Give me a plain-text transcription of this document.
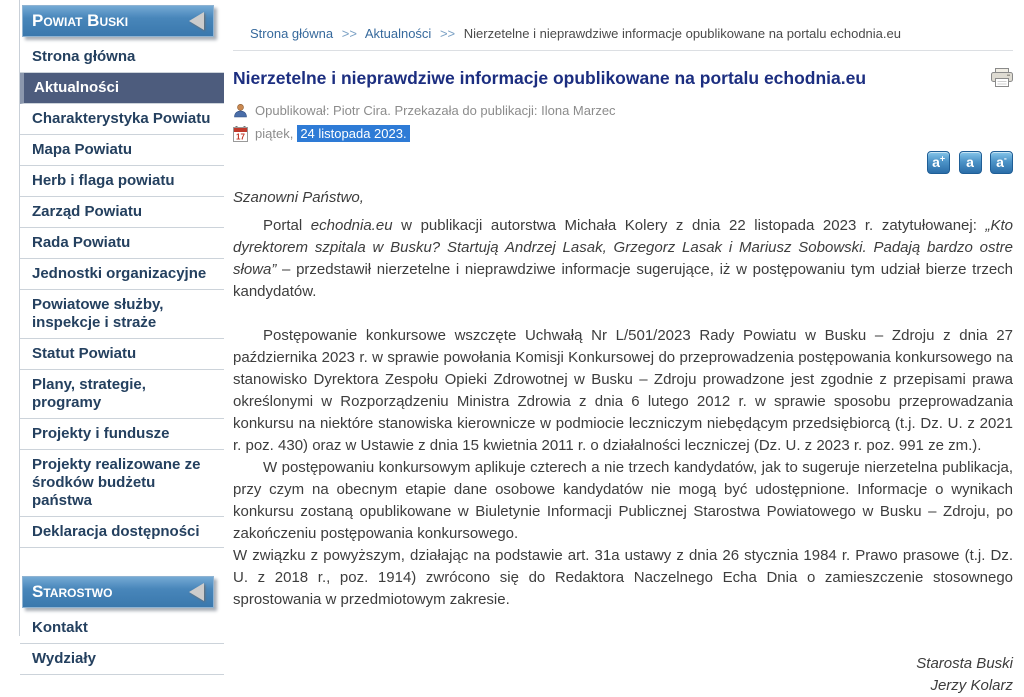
Powiat Buski
Strona główna
Aktualności
Charakterystyka Powiatu
Mapa Powiatu
Herb i flaga powiatu
Zarząd Powiatu
Rada Powiatu
Jednostki organizacyjne
Powiatowe służby, inspekcje i straże
Statut Powiatu
Plany, strategie, programy
Projekty i fundusze
Projekty realizowane ze środków budżetu państwa
Deklaracja dostępności
Starostwo
Kontakt
Wydziały
Strona główna >> Aktualności >> Nierzetelne i nieprawdziwe informacje opublikowane na portalu echodnia.eu
Nierzetelne i nieprawdziwe informacje opublikowane na portalu echodnia.eu
Opublikował: Piotr Cira. Przekazała do publikacji: Ilona Marzec
17 piątek, 24 listopada 2023.
a+ a a-

Szanowni Państwo,

Portal echodnia.eu w publikacji autorstwa Michała Kolery z dnia 22 listopada 2023 r. zatytułowanej: „Kto dyrektorem szpitala w Busku? Startują Andrzej Lasak, Grzegorz Lasak i Mariusz Sobowski. Padają bardzo ostre słowa” – przedstawił nierzetelne i nieprawdziwe informacje sugerujące, iż w postępowaniu tym udział bierze trzech kandydatów.

Postępowanie konkursowe wszczęte Uchwałą Nr L/501/2023 Rady Powiatu w Busku – Zdroju z dnia 27 października 2023 r. w sprawie powołania Komisji Konkursowej do przeprowadzenia postępowania konkursowego na stanowisko Dyrektora Zespołu Opieki Zdrowotnej w Busku – Zdroju prowadzone jest zgodnie z przepisami prawa określonymi w Rozporządzeniu Ministra Zdrowia z dnia 6 lutego 2012 r. w sprawie sposobu przeprowadzania konkursu na niektóre stanowiska kierownicze w podmiocie leczniczym niebędącym przedsiębiorcą (t.j. Dz. U. z 2021 r. poz. 430) oraz w Ustawie z dnia 15 kwietnia 2011 r. o działalności leczniczej (Dz. U. z 2023 r. poz. 991 ze zm.).

W postępowaniu konkursowym aplikuje czterech a nie trzech kandydatów, jak to sugeruje nierzetelna publikacja, przy czym na obecnym etapie dane osobowe kandydatów nie mogą być udostępnione. Informacje o wynikach konkursu zostaną opublikowane w Biuletynie Informacji Publicznej Starostwa Powiatowego w Busku – Zdroju, po zakończeniu postępowania konkursowego.

W związku z powyższym, działając na podstawie art. 31a ustawy z dnia 26 stycznia 1984 r. Prawo prasowe (t.j. Dz. U. z 2018 r., poz. 1914) zwrócono się do Redaktora Naczelnego Echa Dnia o zamieszczenie stosownego sprostowania w przedmiotowym zakresie.

Starosta Buski
Jerzy Kolarz
